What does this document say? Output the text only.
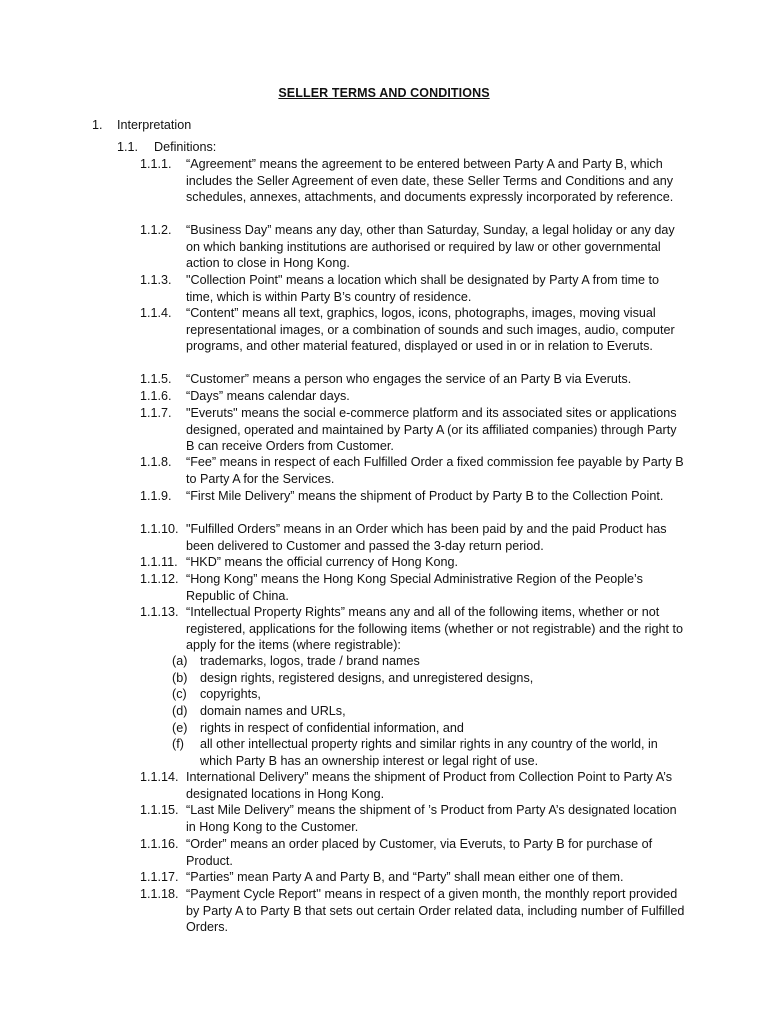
SELLER TERMS AND CONDITIONS
1. Interpretation
1.1. Definitions:
1.1.1. “Agreement” means the agreement to be entered between Party A and Party B, which includes the Seller Agreement of even date, these Seller Terms and Conditions and any schedules, annexes, attachments, and documents expressly incorporated by reference.
1.1.2. “Business Day” means any day, other than Saturday, Sunday, a legal holiday or any day on which banking institutions are authorised or required by law or other governmental action to close in Hong Kong.
1.1.3. "Collection Point" means a location which shall be designated by Party A from time to time, which is within Party B’s country of residence.
1.1.4. “Content” means all text, graphics, logos, icons, photographs, images, moving visual representational images, or a combination of sounds and such images, audio, computer programs, and other material featured, displayed or used in or in relation to Everuts.
1.1.5. “Customer” means a person who engages the service of an Party B via Everuts.
1.1.6. “Days” means calendar days.
1.1.7. "Everuts" means the social e-commerce platform and its associated sites or applications designed, operated and maintained by Party A (or its affiliated companies) through Party B can receive Orders from Customer.
1.1.8. “Fee” means in respect of each Fulfilled Order a fixed commission fee payable by Party B to Party A for the Services.
1.1.9. “First Mile Delivery” means the shipment of Product by Party B to the Collection Point.
1.1.10. "Fulfilled Orders” means in an Order which has been paid by and the paid Product has been delivered to Customer and passed the 3-day return period.
1.1.11. “HKD” means the official currency of Hong Kong.
1.1.12. “Hong Kong” means the Hong Kong Special Administrative Region of the People’s Republic of China.
1.1.13. “Intellectual Property Rights” means any and all of the following items, whether or not registered, applications for the following items (whether or not registrable) and the right to apply for the items (where registrable):
(a) trademarks, logos, trade / brand names
(b) design rights, registered designs, and unregistered designs,
(c) copyrights,
(d) domain names and URLs,
(e) rights in respect of confidential information, and
(f) all other intellectual property rights and similar rights in any country of the world, in which Party B has an ownership interest or legal right of use.
1.1.14. International Delivery” means the shipment of Product from Collection Point to Party A’s designated locations in Hong Kong.
1.1.15. “Last Mile Delivery” means the shipment of ’s Product from Party A’s designated location in Hong Kong to the Customer.
1.1.16. “Order” means an order placed by Customer, via Everuts, to Party B for purchase of Product.
1.1.17. “Parties” mean Party A and Party B, and “Party” shall mean either one of them.
1.1.18. “Payment Cycle Report'' means in respect of a given month, the monthly report provided by Party A to Party B that sets out certain Order related data, including number of Fulfilled Orders.
